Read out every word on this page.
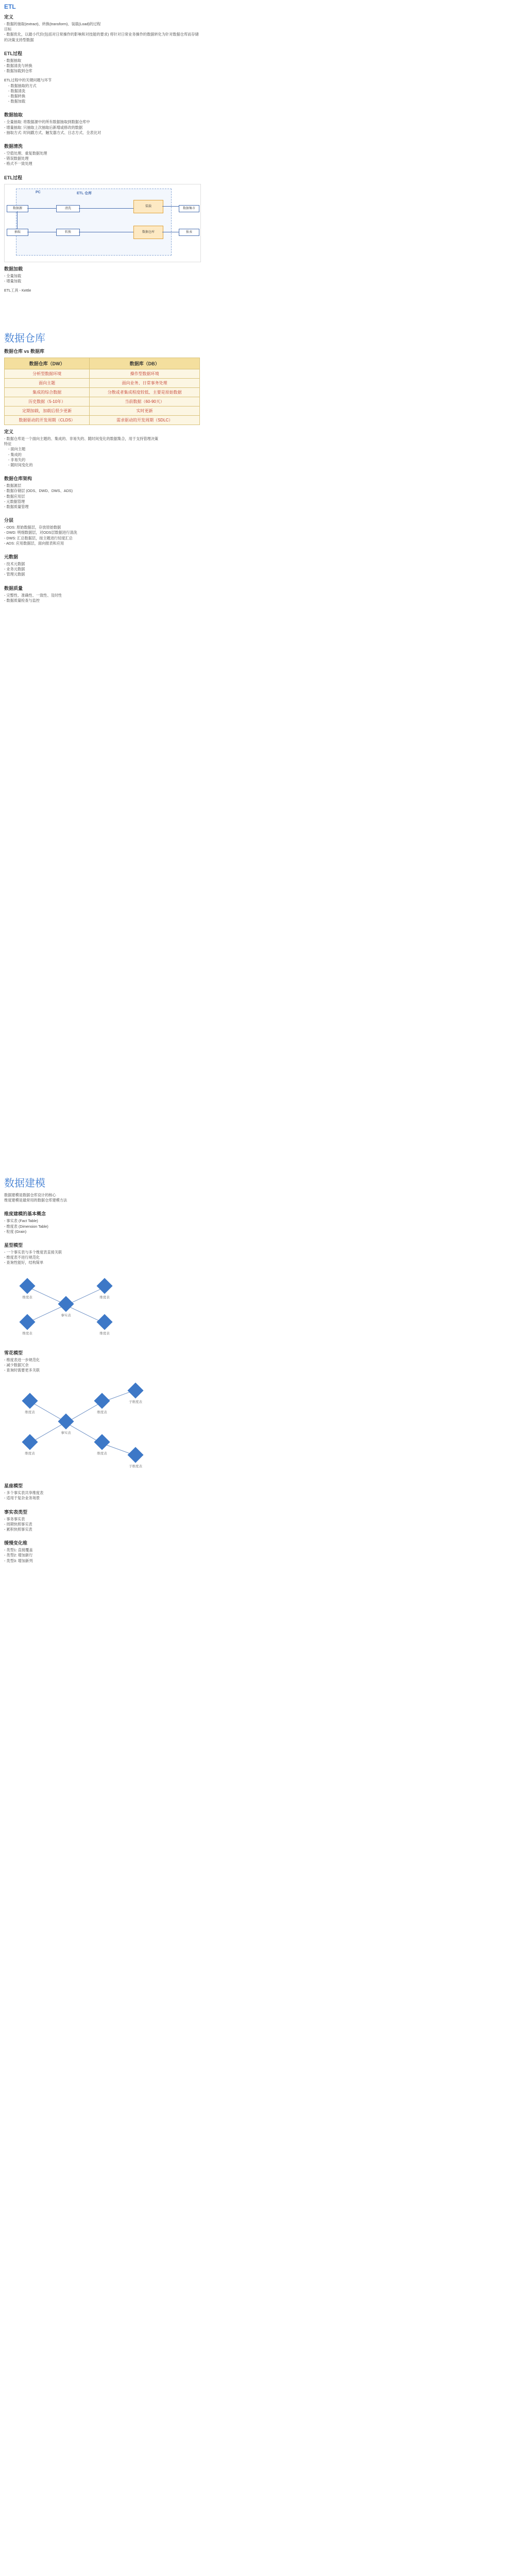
ETL
定义

- 数据的抽取(extract)、转换(transform)、装载(Load)的过程

目标

- 数据优化，以最小代价(包括对日常操作的影响和对技能的要求) 将针对日常业务操作的数据转化为针对数据仓库而存储的决策支持型数据

ETL过程

- 数据抽取

- 数据清洗与转换

- 数据加载到仓库

ETL过程中的关键问题与环节

- 数据抽取的方式

- 数据清洗

- 数据转换

- 数据加载

数据抽取

- 全量抽取: 将数据源中的所有数据抽取到数据仓库中

- 增量抽取: 只抽取上次抽取后新增或修改的数据

- 抽取方式: 时间戳方式、触发器方式、日志方式、全表比对

数据清洗

- 空值处理、重复数据处理

- 错误数据处理

- 格式不一致处理

ETL过程
PC	ETL 仓库
数据源
抽取
清洗
转换
装载
数据仓库
数据集市
报表
数据加载

- 全量加载

- 增量加载

ETL工具 - Kettle

数据仓库
数据仓库 vs 数据库
数据仓库（DW）	数据库（DB）
分析型数据环境	操作型数据环境
面向主题	面向业务、日常事务处理
集成的综合数据	分散或者集成程度较低、主要是原始数据
历史数据（5-10年）	当前数据（60-90天）
定期加载，加载后很少更新	实时更新
数据驱动的开发周期（CLDS）	需求驱动的开发周期（SDLC）
定义

- 数据仓库是一个面向主题的、集成的、非易失的、随时间变化的数据集合，用于支持管理决策

特征

- 面向主题

- 集成的

- 非易失的

- 随时间变化的

数据仓库架构

- 数据源层

- 数据存储层 (ODS、DWD、DWS、ADS)

- 数据应用层

- 元数据管理

- 数据质量管理

分层

- ODS: 原始数据层，存放原始数据

- DWD: 明细数据层，对ODS层数据进行清洗

- DWS: 汇总数据层，按主题进行轻度汇总

- ADS: 应用数据层，面向报表和应用

元数据

- 技术元数据

- 业务元数据

- 管理元数据

数据质量

- 完整性、准确性、一致性、及时性

- 数据质量检查与监控

数据建模

数据建模是数据仓库设计的核心

维度建模是最常用的数据仓库建模方法

维度建模的基本概念

- 事实表 (Fact Table)

- 维度表 (Dimension Table)

- 粒度 (Grain)

星型模型

- 一个事实表与多个维度表直接关联

- 维度表不进行规范化

- 查询性能好，结构简单

事实表
维度表
维度表
维度表
维度表
雪花模型

- 维度表进一步规范化

- 减少数据冗余

- 查询时需要更多关联

事实表
维度表
维度表
维度表
维度表
子维度表
子维度表
星座模型

- 多个事实表共享维度表

- 适用于复杂业务场景

事实表类型

- 事务事实表

- 周期快照事实表

- 累积快照事实表

缓慢变化维

- 类型1: 直接覆盖

- 类型2: 增加新行

- 类型3: 增加新列
